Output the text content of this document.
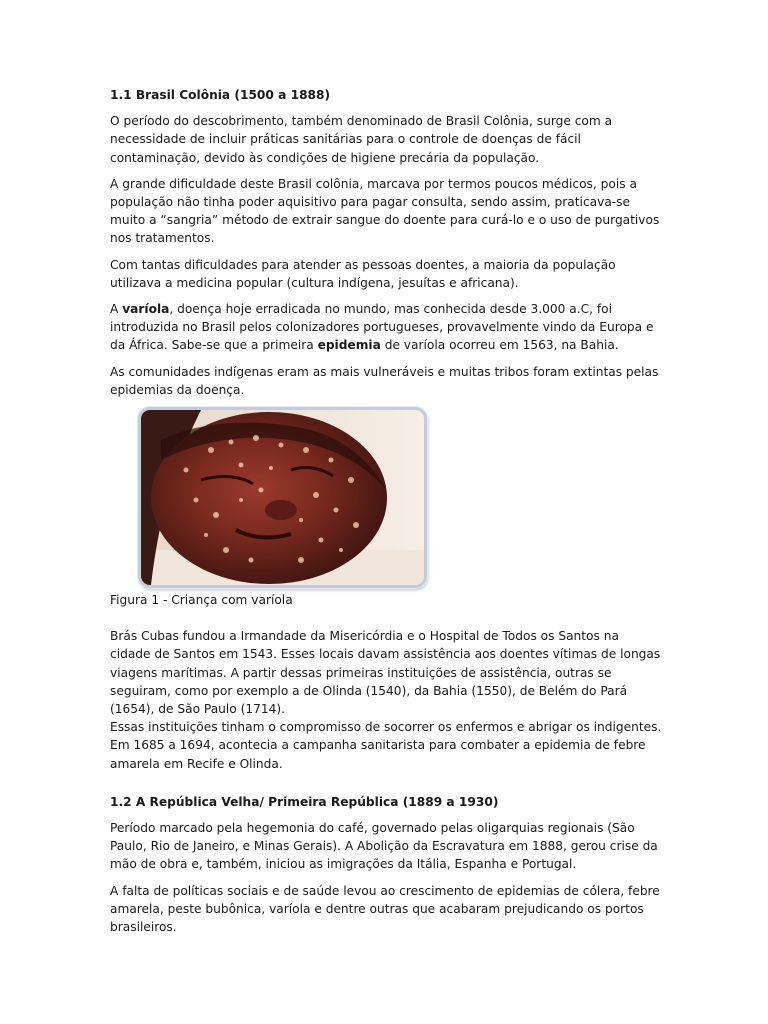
1.1 Brasil Colônia (1500 a 1888)

O período do descobrimento, também denominado de Brasil Colônia, surge com a necessidade de incluir práticas sanitárias para o controle de doenças de fácil contaminação, devido às condições de higiene precária da população.

A grande dificuldade deste Brasil colônia, marcava por termos poucos médicos, pois a população não tinha poder aquisitivo para pagar consulta, sendo assim, praticava-se muito a “sangria” método de extrair sangue do doente para curá-lo e o uso de purgativos nos tratamentos.

Com tantas dificuldades para atender as pessoas doentes, a maioria da população utilizava a medicina popular (cultura indígena, jesuítas e africana).

A varíola, doença hoje erradicada no mundo, mas conhecida desde 3.000 a.C, foi introduzida no Brasil pelos colonizadores portugueses, provavelmente vindo da Europa e da África. Sabe-se que a primeira epidemia de varíola ocorreu em 1563, na Bahia.

As comunidades indígenas eram as mais vulneráveis e muitas tribos foram extintas pelas epidemias da doença.

Figura 1 - Criança com varíola
Brás Cubas fundou a Irmandade da Misericórdia e o Hospital de Todos os Santos na cidade de Santos em 1543. Esses locais davam assistência aos doentes vítimas de longas viagens marítimas. A partir dessas primeiras instituições de assistência, outras se seguiram, como por exemplo a de Olinda (1540), da Bahia (1550), de Belém do Pará (1654), de São Paulo (1714).
Essas instituições tinham o compromisso de socorrer os enfermos e abrigar os indigentes.
Em 1685 a 1694, acontecia a campanha sanitarista para combater a epidemia de febre amarela em Recife e Olinda.
1.2 A República Velha/ Primeira República (1889 a 1930)

Período marcado pela hegemonia do café, governado pelas oligarquias regionais (São Paulo, Rio de Janeiro, e Minas Gerais). A Abolição da Escravatura em 1888, gerou crise da mão de obra e, também, iniciou as imigrações da Itália, Espanha e Portugal.

A falta de políticas sociais e de saúde levou ao crescimento de epidemias de cólera, febre amarela, peste bubônica, varíola e dentre outras que acabaram prejudicando os portos brasileiros.
